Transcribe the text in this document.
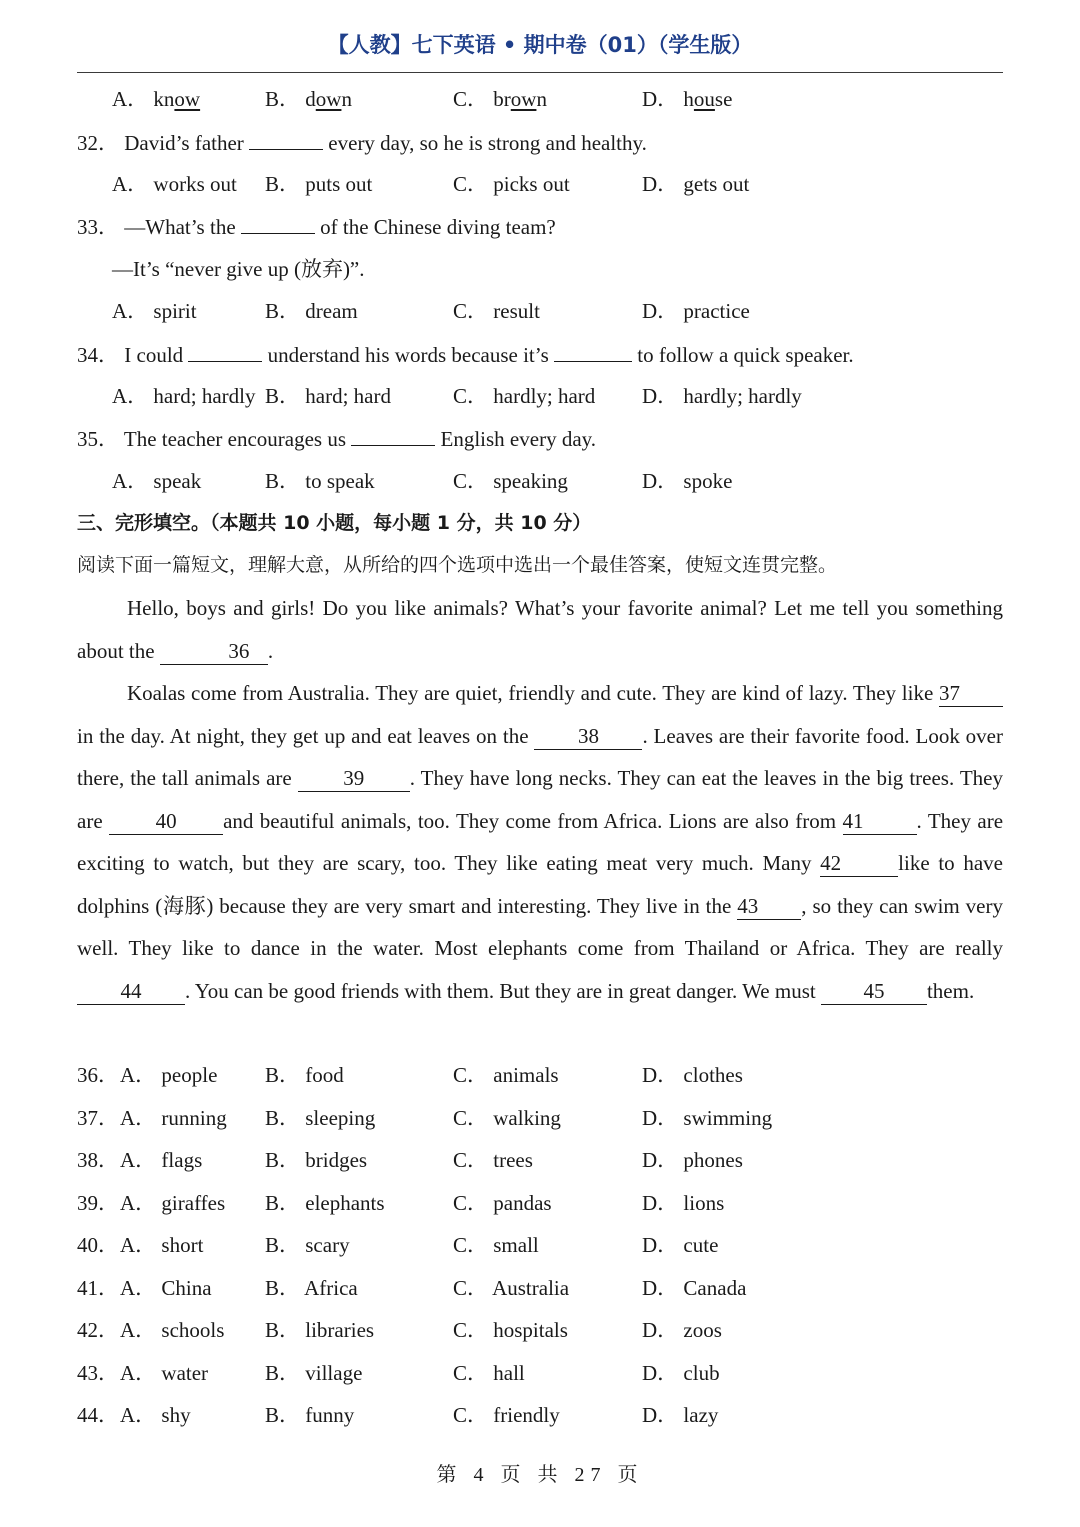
【人教】七下英语 • 期中卷（01）（学生版）
A． know	B． down	C． brown	D． house
32． David’s father	every day, so he is strong and healthy.
A． works out B． puts out	C． picks out	D． gets out
33． —What’s the	of the Chinese diving team?
—It’s “never give up (放弃)”.
A． spirit	B． dream	C． result	D． practice
34． I could	understand his words because it’s	to follow a quick speaker.
A． hard; hardly B． hard; hard	C． hardly; hard D． hardly; hardly
35． The teacher encourages us	English every day.
A． speak	B． to speak	C． speaking	D． spoke
三、完形填空。（本题共 10 小题，每小题 1 分，共 10 分）
阅读下面一篇短文，理解大意，从所给的四个选项中选出一个最佳答案，使短文连贯完整。
Hello, boys and girls! Do you like animals? What’s your favorite animal? Let me tell you something about the	36 .
Koalas come from Australia. They are quiet, friendly and cute. They are kind of lazy. They like 37in the day. At night, they get up and eat leaves on the 38 . Leaves are their favorite food. Look over there, the tall animals are 39 . They have long necks. They can eat the leaves in the big trees. They are	40 and beautiful animals, too. They come from Africa. Lions are also from 41	. They are exciting to watch, but they are scary, too. They like eating meat very much. Many 42	like to have dolphins (海豚) because they are very smart and interesting. They live in the 43 , so they can swim very well. They like to dance in the water. Most elephants come from Thailand or Africa. They are really 44 . You can be good friends with them. But they are in great danger. We must 45 them.
36． A． people B． food	C． animals	D． clothes
37． A． running B． sleeping	C． walking	D． swimming
38． A． flags	B． bridges	C． trees	D． phones
39． A． giraffes B． elephants	C． pandas	D． lions
40． A． short	B． scary	C． small	D． cute
41． A． China	B． Africa	C． Australia	D． Canada
42． A． schools B． libraries	C． hospitals	D． zoos
43． A． water	B． village	C． hall	D． club
44． A． shy	B． funny	C． friendly	D． lazy
第 4 页 共 27 页
